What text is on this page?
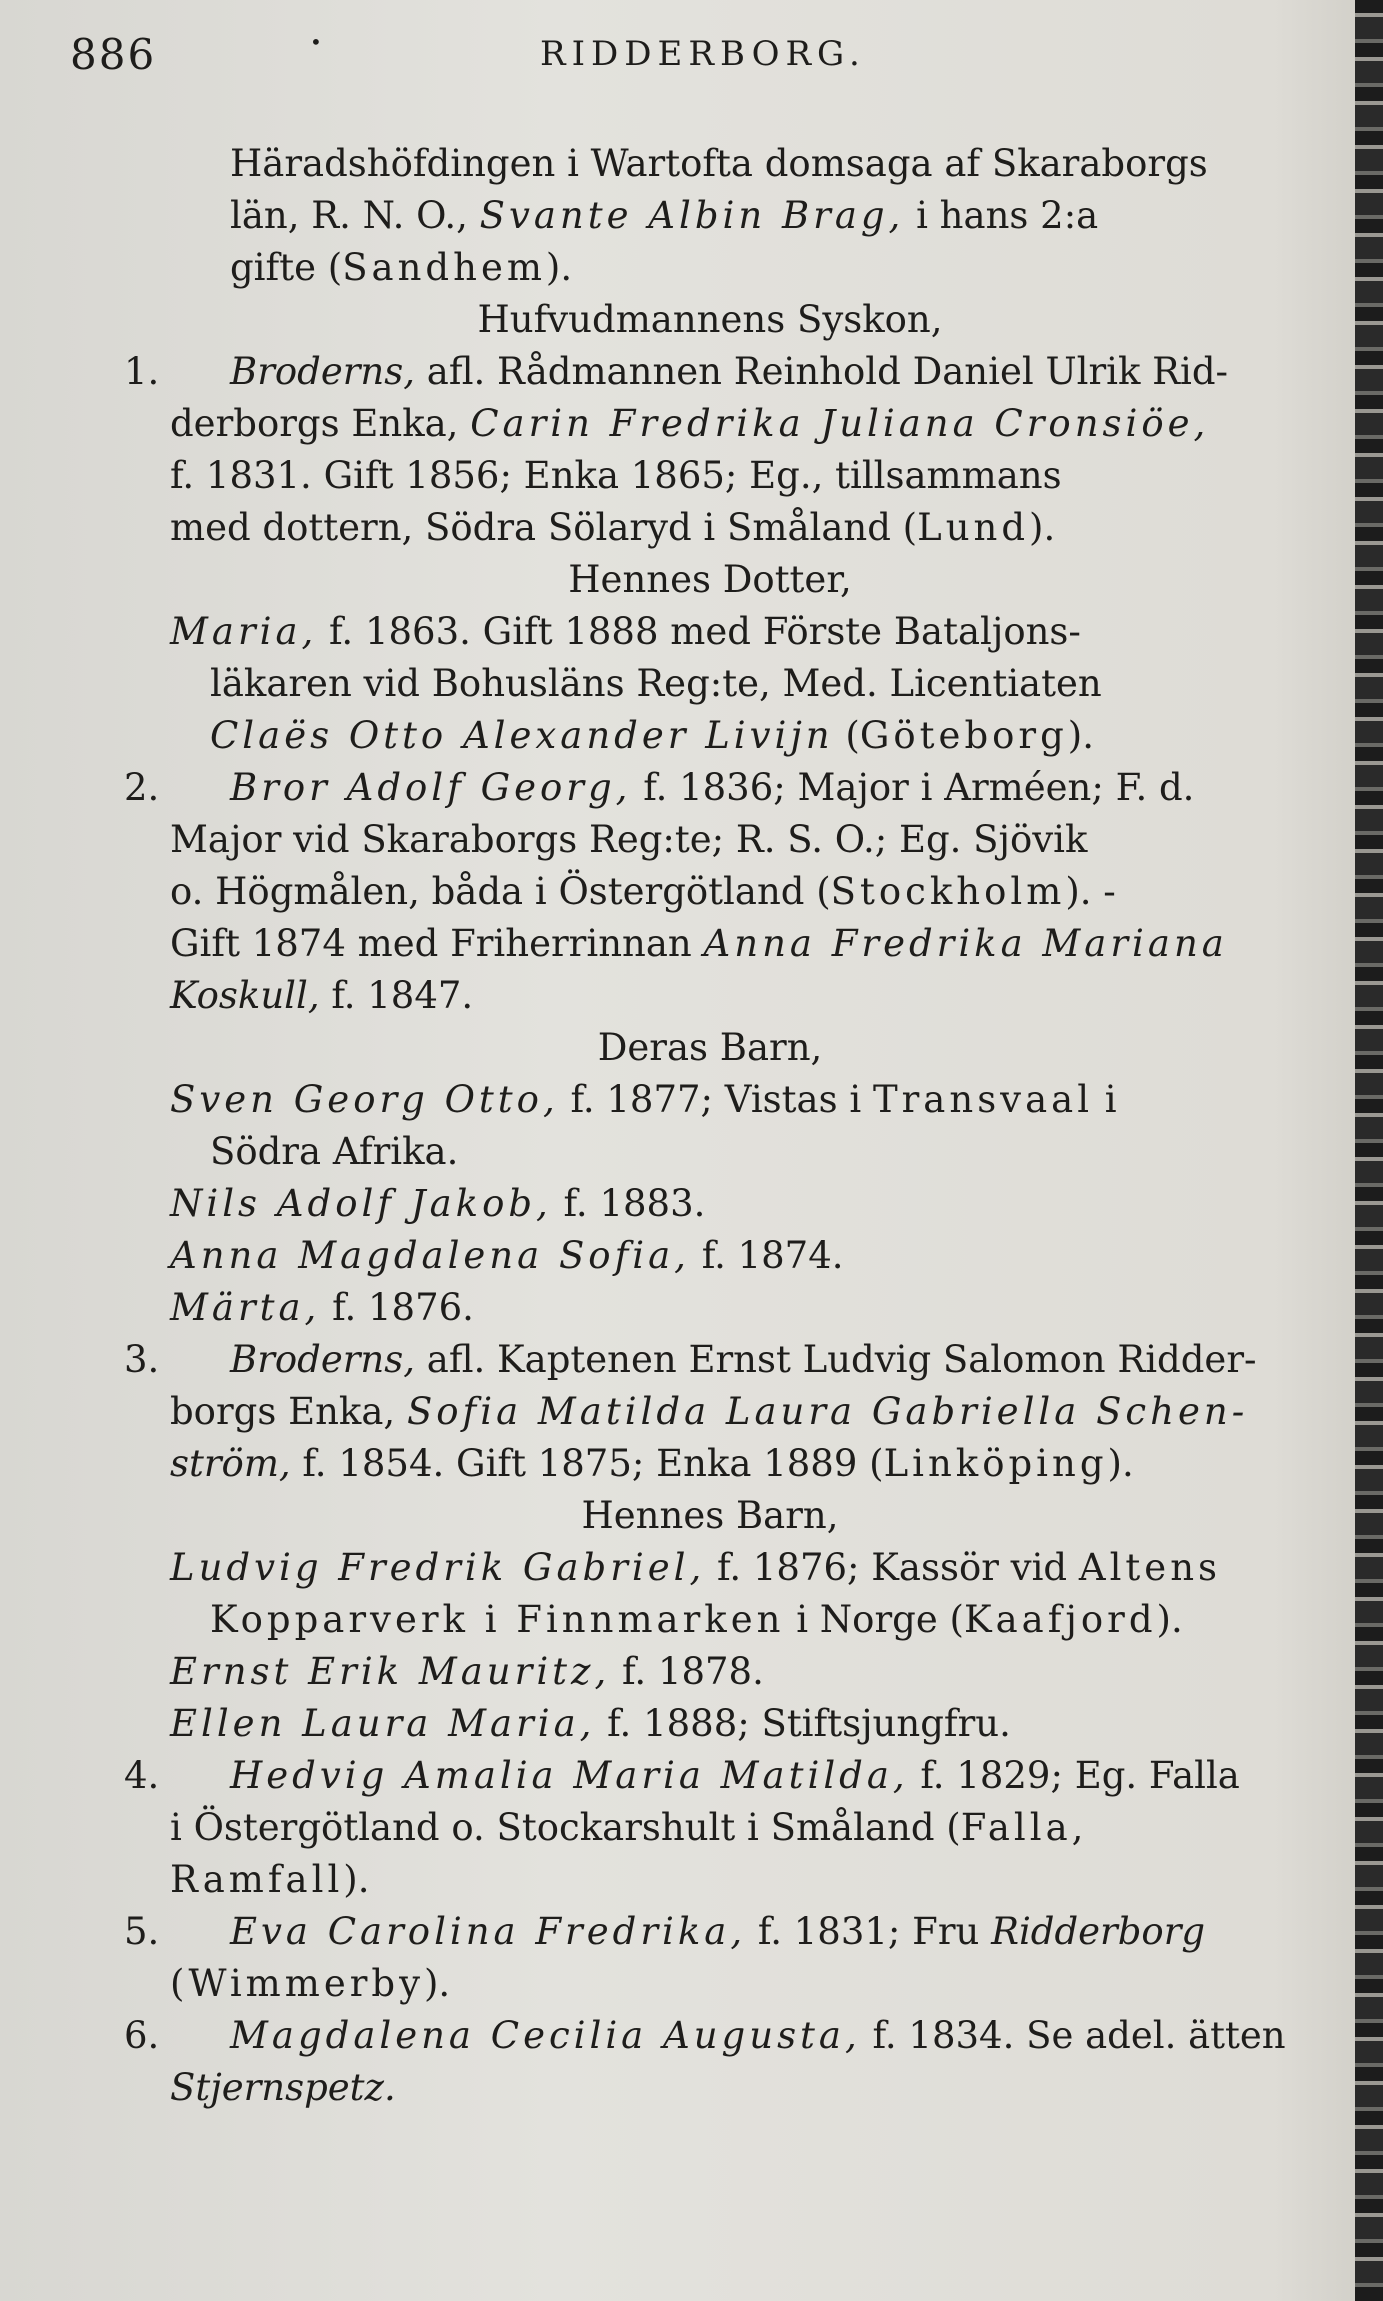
886	•	RIDDERBORG.
Häradshöfdingen i Wartofta domsaga af Skaraborgs
län, R. N. O., Svante Albin Brag, i hans 2:a
gifte (Sandhem).
Hufvudmannens Syskon,
1. Broderns, afl. Rådmannen Reinhold Daniel Ulrik Rid-
derborgs Enka, Carin Fredrika Juliana Cronsiöe,
f. 1831. Gift 1856; Enka 1865; Eg., tillsammans
med dottern, Södra Sölaryd i Småland (Lund).
Hennes Dotter,
Maria, f. 1863. Gift 1888 med Förste Bataljons-
läkaren vid Bohusläns Reg:te, Med. Licentiaten
Claës Otto Alexander Livijn (Göteborg).
2. Bror Adolf Georg, f. 1836; Major i Arméen; F. d.
Major vid Skaraborgs Reg:te; R. S. O.; Eg. Sjövik
o. Högmålen, båda i Östergötland (Stockholm). -
Gift 1874 med Friherrinnan Anna Fredrika Mariana
Koskull, f. 1847.
Deras Barn,
Sven Georg Otto, f. 1877; Vistas i Transvaal i
Södra Afrika.
Nils Adolf Jakob, f. 1883.
Anna Magdalena Sofia, f. 1874.
Märta, f. 1876.
3. Broderns, afl. Kaptenen Ernst Ludvig Salomon Ridder-
borgs Enka, Sofia Matilda Laura Gabriella Schen-
ström, f. 1854. Gift 1875; Enka 1889 (Linköping).
Hennes Barn,
Ludvig Fredrik Gabriel, f. 1876; Kassör vid Altens
Kopparverk i Finnmarken i Norge (Kaafjord).
Ernst Erik Mauritz, f. 1878.
Ellen Laura Maria, f. 1888; Stiftsjungfru.
4. Hedvig Amalia Maria Matilda, f. 1829; Eg. Falla
i Östergötland o. Stockarshult i Småland (Falla,
Ramfall).
5. Eva Carolina Fredrika, f. 1831; Fru Ridderborg
(Wimmerby).
6. Magdalena Cecilia Augusta, f. 1834. Se adel. ätten
Stjernspetz.
